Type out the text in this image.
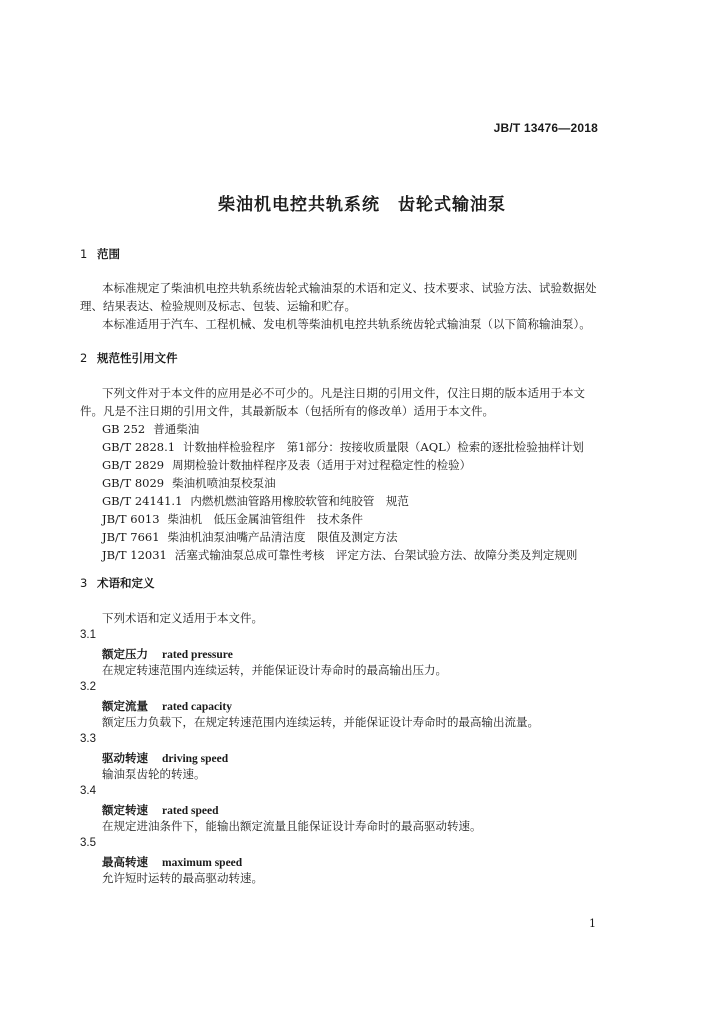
JB/T 13476—2018
柴油机电控共轨系统　齿轮式输油泵
1 范围
本标准规定了柴油机电控共轨系统齿轮式输油泵的术语和定义、技术要求、试验方法、试验数据处
理、结果表达、检验规则及标志、包装、运输和贮存。
本标准适用于汽车、工程机械、发电机等柴油机电控共轨系统齿轮式输油泵（以下简称输油泵）。
2 规范性引用文件
下列文件对于本文件的应用是必不可少的。凡是注日期的引用文件，仅注日期的版本适用于本文
件。凡是不注日期的引用文件，其最新版本（包括所有的修改单）适用于本文件。
GB 252 普通柴油
GB/T 2828.1 计数抽样检验程序　第1部分：按接收质量限（AQL）检索的逐批检验抽样计划
GB/T 2829 周期检验计数抽样程序及表（适用于对过程稳定性的检验）
GB/T 8029 柴油机喷油泵校泵油
GB/T 24141.1 内燃机燃油管路用橡胶软管和纯胶管　规范
JB/T 6013 柴油机　低压金属油管组件　技术条件
JB/T 7661 柴油机油泵油嘴产品清洁度　限值及测定方法
JB/T 12031 活塞式输油泵总成可靠性考核　评定方法、台架试验方法、故障分类及判定规则
3 术语和定义
下列术语和定义适用于本文件。
3.1
额定压力 rated pressure
在规定转速范围内连续运转，并能保证设计寿命时的最高输出压力。
3.2
额定流量 rated capacity
额定压力负载下，在规定转速范围内连续运转，并能保证设计寿命时的最高输出流量。
3.3
驱动转速 driving speed
输油泵齿轮的转速。
3.4
额定转速 rated speed
在规定进油条件下，能输出额定流量且能保证设计寿命时的最高驱动转速。
3.5
最高转速 maximum speed
允许短时运转的最高驱动转速。
1
